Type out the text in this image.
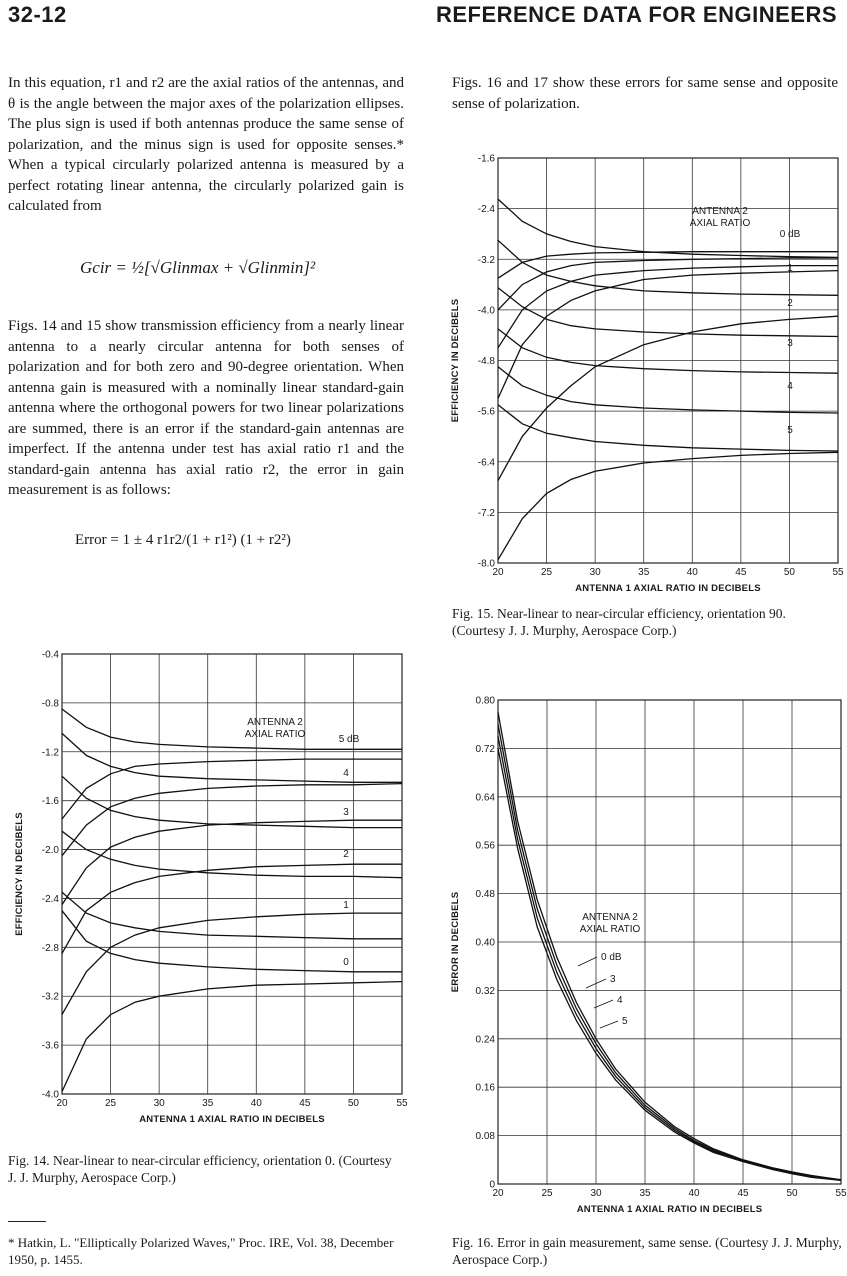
32-12	REFERENCE DATA FOR ENGINEERS

In this equation, r1 and r2 are the axial ratios of the antennas, and θ is the angle between the major axes of the polarization ellipses. The plus sign is used if both antennas produce the same sense of polarization, and the minus sign is used for opposite senses.* When a typical circularly polarized antenna is measured by a perfect rotating linear antenna, the circularly polarized gain is calculated from

Gcir = ½[√Glinmax + √Glinmin]²

Figs. 14 and 15 show transmission efficiency from a nearly linear antenna to a nearly circular antenna for both senses of polarization and for both zero and 90-degree orientation. When antenna gain is measured with a nominally linear standard-gain antenna where the orthogonal powers for two linear polarizations are summed, there is an error if the standard-gain antennas are imperfect. If the antenna under test has axial ratio r1 and the standard-gain antenna has axial ratio r2, the error in gain measurement is as follows:

Error = 1 ± 4 r1r2/(1 + r1²) (1 + r2²)

Figs. 16 and 17 show these errors for same sense and opposite sense of polarization.

20	25	30	35	40	45	50	55
-1.6
-2.4
-3.2
-4.0
-4.8
-5.6
-6.4
-7.2
-8.0
ANTENNA 1 AXIAL RATIO IN DECIBELS
EFFICIENCY IN DECIBELS
ANTENNA 2
AXIAL RATIO
0 dB
1
2
3
4
5

Fig. 15. Near-linear to near-circular efficiency, orientation 90. (Courtesy J. J. Murphy, Aerospace Corp.)

20	25	30	35	40	45	50	55
-0.4
-0.8
-1.2
-1.6
-2.0
-2.4
-2.8
-3.2
-3.6
-4.0
ANTENNA 1 AXIAL RATIO IN DECIBELS
EFFICIENCY IN DECIBELS
ANTENNA 2
AXIAL RATIO	5 dB
4
3
2
1
0

Fig. 14. Near-linear to near-circular efficiency, orientation 0. (Courtesy J. J. Murphy, Aerospace Corp.)

20	25	30	35	40	45	50	55
0.80
0.72
0.64
0.56
0.48
0.40
0.32
0.24
0.16
0.08
0
ANTENNA 1 AXIAL RATIO IN DECIBELS
ERROR IN DECIBELS	ANTENNA 2
AXIAL RATIO
0 dB
3
4
5

Fig. 16. Error in gain measurement, same sense. (Courtesy J. J. Murphy, Aerospace Corp.)

* Hatkin, L. "Elliptically Polarized Waves," Proc. IRE, Vol. 38, December 1950, p. 1455.
